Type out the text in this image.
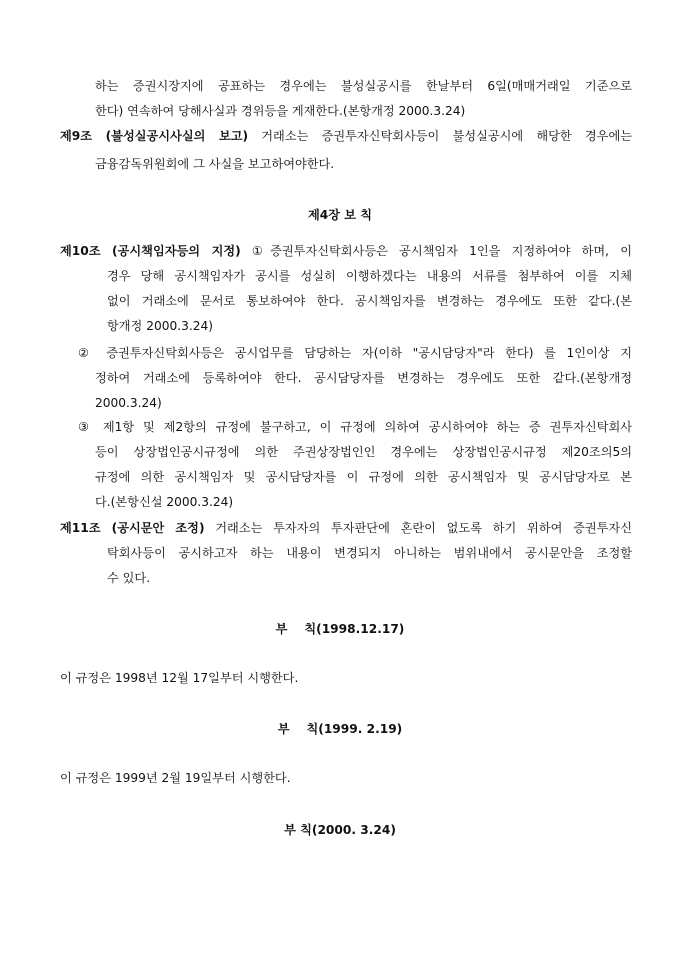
하는 증권시장지에 공표하는 경우에는 불성실공시를 한날부터 6일(매매거래일 기준으로
한다) 연속하여 당해사실과 경위등을 게재한다.(본항개정 2000.3.24)
제9조 (불성실공시사실의 보고) 거래소는 증권투자신탁회사등이 불성실공시에 해당한 경우에는
금융감독위원회에 그 사실을 보고하여야한다.
제4장 보 칙
제10조 (공시책임자등의 지정) ①증권투자신탁회사등은 공시책임자 1인을 지정하여야 하며, 이
경우 당해 공시책임자가 공시를 성실히 이행하겠다는 내용의 서류를 첨부하여 이를 지체
없이 거래소에 문서로 통보하여야 한다. 공시책임자를 변경하는 경우에도 또한 같다.(본
항개정 2000.3.24)
② 증권투자신탁회사등은 공시업무를 담당하는 자(이하 "공시담당자"라 한다) 를 1인이상 지
정하여 거래소에 등록하여야 한다. 공시담당자를 변경하는 경우에도 또한 같다.(본항개정
2000.3.24)
③ 제1항 및 제2항의 규정에 불구하고, 이 규정에 의하여 공시하여야 하는 증 권투자신탁회사
등이 상장법인공시규정에 의한 주권상장법인인 경우에는 상장법인공시규정 제20조의5의
규정에 의한 공시책임자 및 공시담당자를 이 규정에 의한 공시책임자 및 공시담당자로 본
다.(본항신설 2000.3.24)
제11조 (공시문안 조정) 거래소는 투자자의 투자판단에 혼란이 없도록 하기 위하여 증권투자신
탁회사등이 공시하고자 하는 내용이 변경되지 아니하는 범위내에서 공시문안을 조정할
수 있다.
부    칙(1998.12.17)
이 규정은 1998년 12월 17일부터 시행한다.
부    칙(1999. 2.19)
이 규정은 1999년 2월 19일부터 시행한다.
부 칙(2000. 3.24)
